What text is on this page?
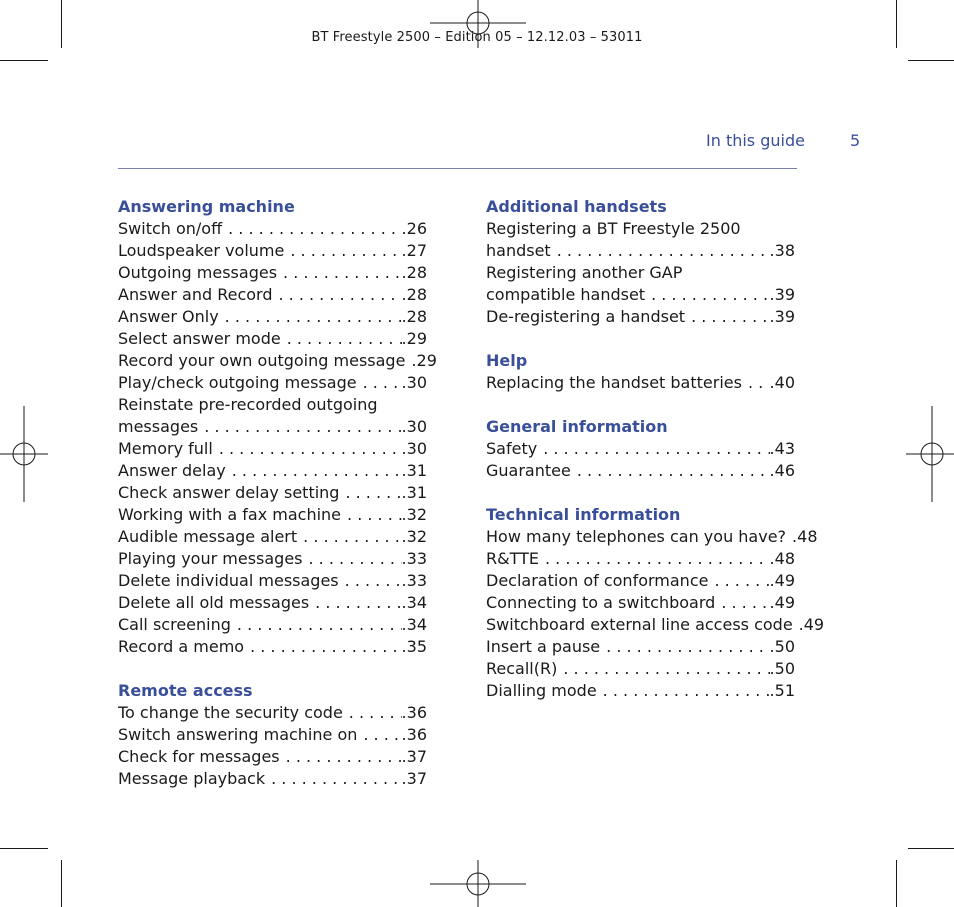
BT Freestyle 2500 – Edition 05 – 12.12.03 – 53011
In this guide	5
Answering machine
Switch on/off . . .	.26
Loudspeaker volume . . .	.27
Outgoing messages . . .	.28
Answer and Record . . .	.28
Answer Only . . .	.28
Select answer mode . . .	.29
Record your own outgoing message .29
Play/check outgoing message . . .	.30
Reinstate pre-recorded outgoing
messages . . .	.30
Memory full . . .	.30
Answer delay . . .	.31
Check answer delay setting . . .	.31
Working with a fax machine . . .	.32
Audible message alert . . .	.32
Playing your messages . . .	.33
Delete individual messages . . .	.33
Delete all old messages . . .	.34
Call screening . . .	.34
Record a memo . . .	.35
Remote access
To change the security code . . .	.36
Switch answering machine on . . .	.36
Check for messages . . .	.37
Message playback . . .	.37
Additional handsets
Registering a BT Freestyle 2500
handset . . .	.38
Registering another GAP
compatible handset . . .	.39
De-registering a handset . . .	.39
Help
Replacing the handset batteries . . .	.40
General information
Safety . . .	.43
Guarantee . . .	.46
Technical information
How many telephones can you have? .48
R&TTE . . .	.48
Declaration of conformance . . .	.49
Connecting to a switchboard . . .	.49
Switchboard external line access code .49
Insert a pause . . .	.50
Recall(R) . . .	.50
Dialling mode . . .	.51
